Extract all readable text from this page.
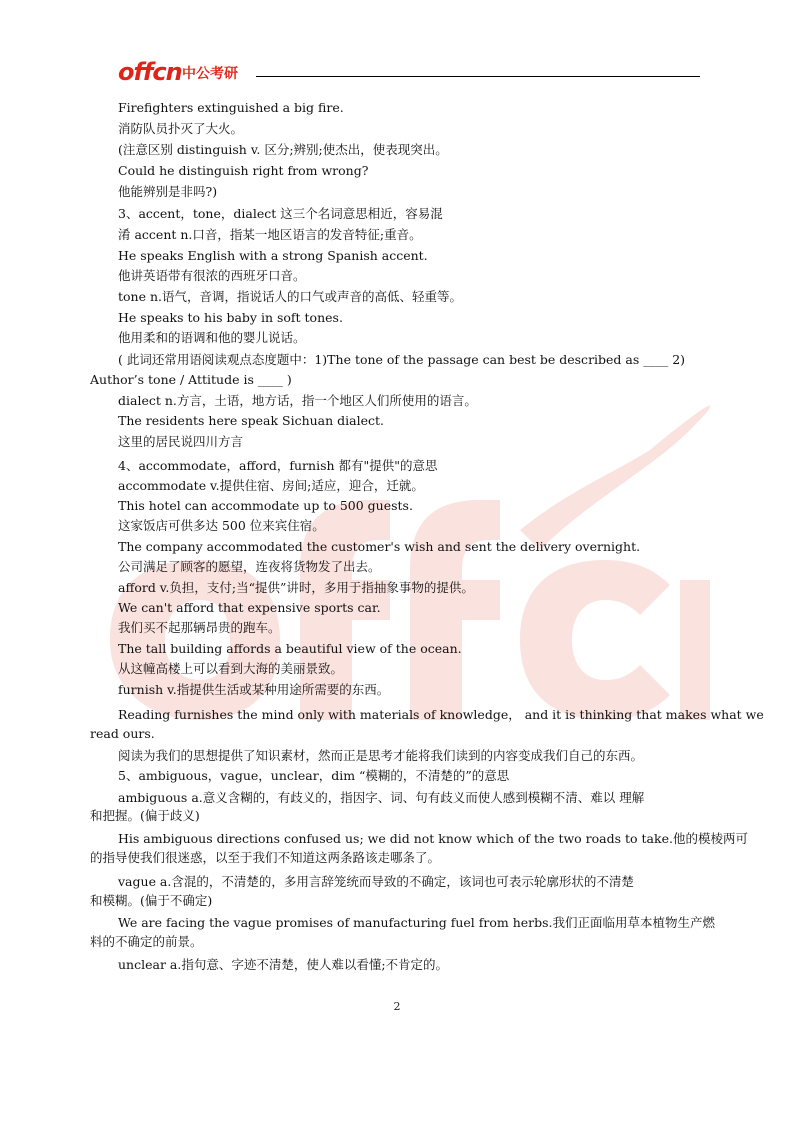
offcn 中公考研
Firefighters extinguished a big fire.
消防队员扑灭了大火。
(注意区别 distinguish v. 区分;辨别;使杰出，使表现突出。
Could he distinguish right from wrong?
他能辨别是非吗?)
3、accent，tone，dialect 这三个名词意思相近，容易混
淆 accent n.口音，指某一地区语言的发音特征;重音。
He speaks English with a strong Spanish accent.
他讲英语带有很浓的西班牙口音。
tone n.语气，音调，指说话人的口气或声音的高低、轻重等。
He speaks to his baby in soft tones.
他用柔和的语调和他的婴儿说话。
( 此词还常用语阅读观点态度题中：1)The tone of the passage can best be described as ____ 2)
Author’s tone / Attitude is ____ )
dialect n.方言，土语，地方话，指一个地区人们所使用的语言。
The residents here speak Sichuan dialect.
这里的居民说四川方言
4、accommodate，afford，furnish 都有"提供"的意思
accommodate v.提供住宿、房间;适应，迎合，迁就。
This hotel can accommodate up to 500 guests.
这家饭店可供多达 500 位来宾住宿。
The company accommodated the customer's wish and sent the delivery overnight.
公司满足了顾客的愿望，连夜将货物发了出去。
afford v.负担，支付;当“提供”讲时，多用于指抽象事物的提供。
We can't afford that expensive sports car.
我们买不起那辆昂贵的跑车。
The tall building affords a beautiful view of the ocean.
从这幢高楼上可以看到大海的美丽景致。
furnish v.指提供生活或某种用途所需要的东西。
Reading furnishes the mind only with materials of knowledge， and it is thinking that makes what we
read ours.
阅读为我们的思想提供了知识素材，然而正是思考才能将我们读到的内容变成我们自己的东西。
5、ambiguous，vague，unclear，dim “模糊的，不清楚的”的意思
ambiguous a.意义含糊的，有歧义的，指因字、词、句有歧义而使人感到模糊不清、难以 理解
和把握。(偏于歧义)
His ambiguous directions confused us; we did not know which of the two roads to take.他的模棱两可
的指导使我们很迷惑，以至于我们不知道这两条路该走哪条了。
vague a.含混的，不清楚的，多用言辞笼统而导致的不确定，该词也可表示轮廓形状的不清楚
和模糊。(偏于不确定)
We are facing the vague promises of manufacturing fuel from herbs.我们正面临用草本植物生产燃
料的不确定的前景。
unclear a.指句意、字迹不清楚，使人难以看懂;不肯定的。
2
